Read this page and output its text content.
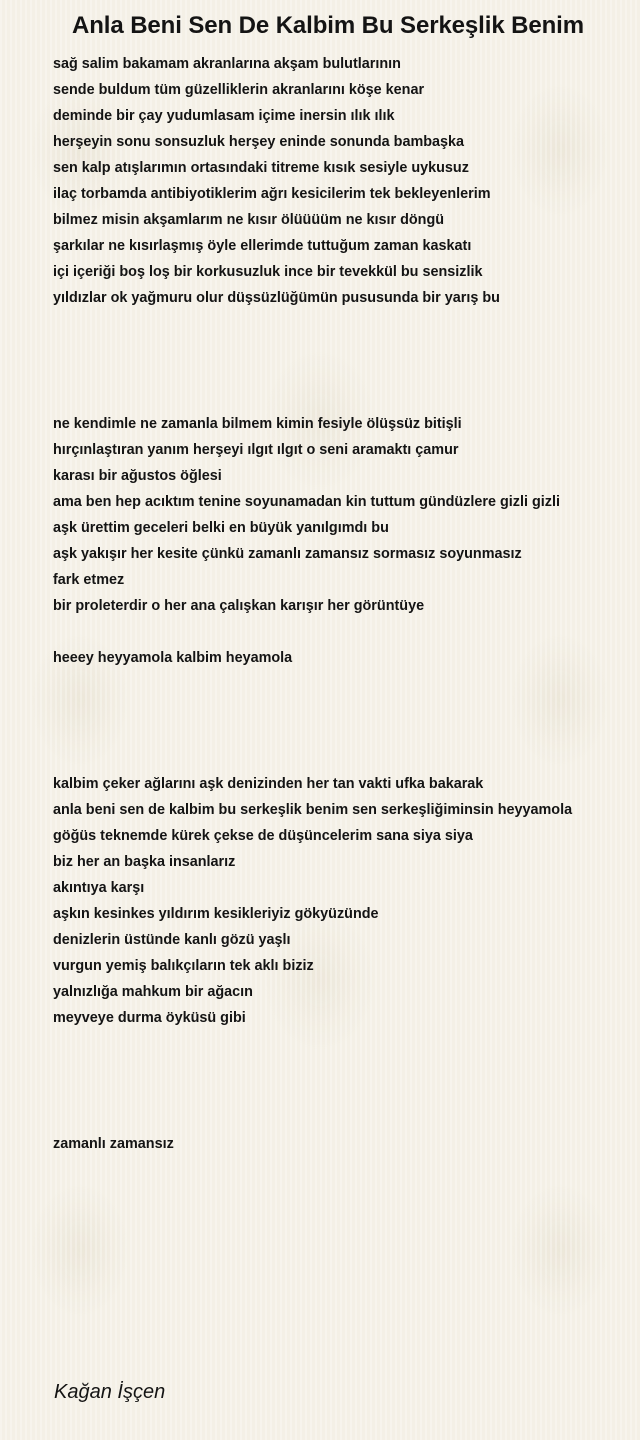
Anla Beni Sen De Kalbim Bu Serkeşlik Benim
sağ salim bakamam akranlarına akşam bulutlarının
sende buldum tüm güzelliklerin akranlarını köşe kenar
deminde bir çay yudumlasam içime inersin ılık ılık
herşeyin sonu sonsuzluk herşey eninde sonunda bambaşka
sen kalp atışlarımın ortasındaki titreme kısık sesiyle uykusuz
ilaç torbamda antibiyotiklerim ağrı kesicilerim tek bekleyenlerim
bilmez misin akşamlarım ne kısır ölüüüüm ne kısır döngü
şarkılar ne kısırlaşmış öyle ellerimde tuttuğum zaman kaskatı
içi içeriği boş loş bir korkusuzluk ince bir tevekkül bu sensizlik
yıldızlar ok yağmuru olur düşsüzlüğümün pususunda bir yarış bu
ne kendimle ne zamanla bilmem kimin fesiyle ölüşsüz bitişli
hırçınlaştıran yanım herşeyi ılgıt ılgıt o seni aramaktı çamur
karası bir ağustos öğlesi
ama ben hep acıktım tenine soyunamadan kin tuttum gündüzlere gizli gizli
aşk ürettim geceleri belki en büyük yanılgımdı bu
aşk yakışır her kesite çünkü zamanlı zamansız sormasız soyunmasız
fark etmez
bir proleterdir o her ana çalışkan karışır her görüntüye
heeey heyyamola kalbim heyamola
kalbim çeker ağlarını aşk denizinden her tan vakti ufka bakarak
anla beni sen de kalbim bu serkeşlik benim sen serkeşliğiminsin heyyamola
göğüs teknemde kürek çekse de düşüncelerim sana siya siya
biz her an başka insanlarız
akıntıya karşı
aşkın kesinkes yıldırım kesikleriyiz gökyüzünde
denizlerin üstünde kanlı gözü yaşlı
vurgun yemiş balıkçıların tek aklı biziz
yalnızlığa mahkum bir ağacın
meyveye durma öyküsü gibi
zamanlı zamansız
Kağan İşçen
